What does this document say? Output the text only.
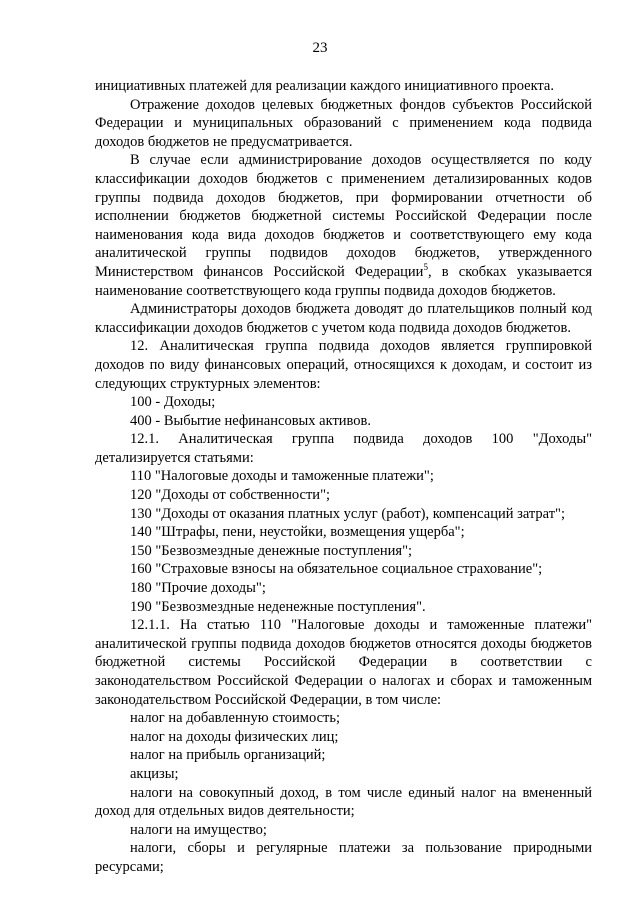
23

инициативных платежей для реализации каждого инициативного проекта.

Отражение доходов целевых бюджетных фондов субъектов Российской Федерации и муниципальных образований с применением кода подвида доходов бюджетов не предусматривается.

В случае если администрирование доходов осуществляется по коду классификации доходов бюджетов с применением детализированных кодов группы подвида доходов бюджетов, при формировании отчетности об исполнении бюджетов бюджетной системы Российской Федерации после наименования кода вида доходов бюджетов и соответствующего ему кода аналитической группы подвидов доходов бюджетов, утвержденного Министерством финансов Российской Федерации$^5$, в скобках указывается наименование соответствующего кода группы подвида доходов бюджетов.

Администраторы доходов бюджета доводят до плательщиков полный код классификации доходов бюджетов с учетом кода подвида доходов бюджетов.

12. Аналитическая группа подвида доходов является группировкой доходов по виду финансовых операций, относящихся к доходам, и состоит из следующих структурных элементов:

100 - Доходы;

400 - Выбытие нефинансовых активов.

12.1. Аналитическая группа подвида доходов 100 "Доходы" детализируется статьями:

110 "Налоговые доходы и таможенные платежи";

120 "Доходы от собственности";

130 "Доходы от оказания платных услуг (работ), компенсаций затрат";

140 "Штрафы, пени, неустойки, возмещения ущерба";

150 "Безвозмездные денежные поступления";

160 "Страховые взносы на обязательное социальное страхование";

180 "Прочие доходы";

190 "Безвозмездные неденежные поступления".

12.1.1. На статью 110 "Налоговые доходы и таможенные платежи" аналитической группы подвида доходов бюджетов относятся доходы бюджетов бюджетной системы Российской Федерации в соответствии с законодательством Российской Федерации о налогах и сборах и таможенным законодательством Российской Федерации, в том числе:

налог на добавленную стоимость;

налог на доходы физических лиц;

налог на прибыль организаций;

акцизы;

налоги на совокупный доход, в том числе единый налог на вмененный доход для отдельных видов деятельности;

налоги на имущество;

налоги, сборы и регулярные платежи за пользование природными ресурсами;
